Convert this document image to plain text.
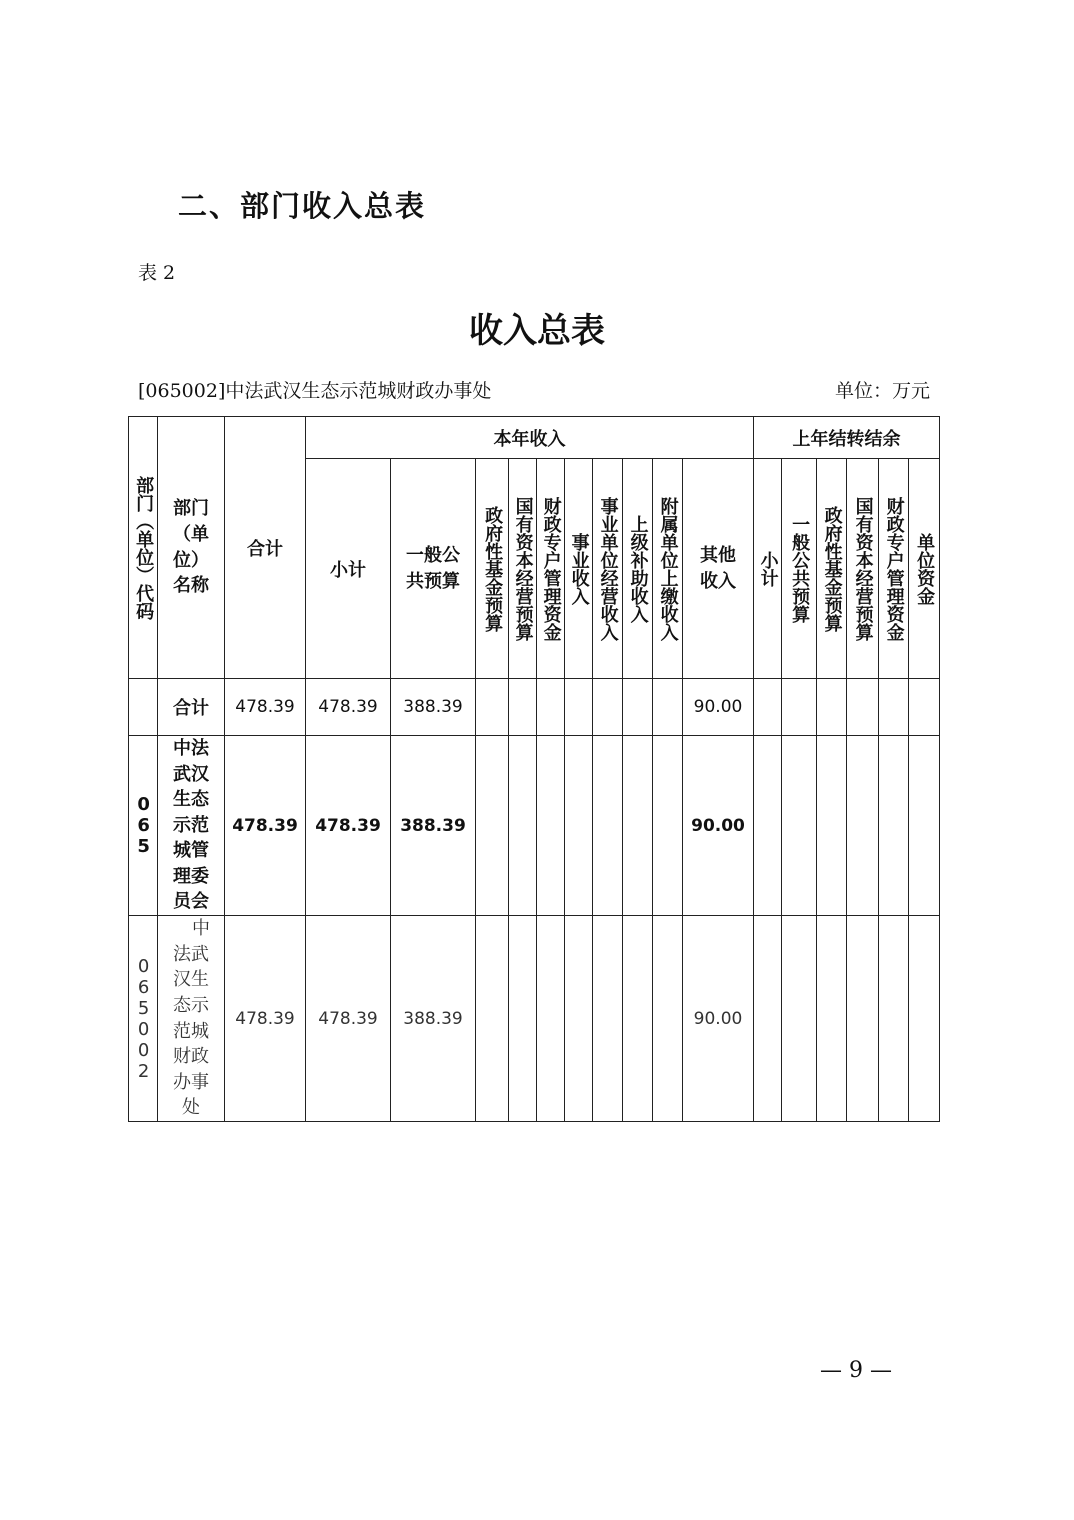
二、部门收入总表
表 2
收入总表
[065002]中法武汉生态示范城财政办事处	单位：万元
部门（单位）代码	部门（单位）名称	合计	本年收入										上年结转结余					
			小计	一般公共预算	政府性基金预算	国有资本经营预算	财政专户管理资金	事业收入	事业单位经营收入	上级补助收入	附属单位上缴收入	其他收入	小计	一般公共预算	政府性基金预算	国有资本经营预算	财政专户管理资金	单位资金

	合计	478.39	478.39	388.39								90.00						

065	中法武汉生态示范城管理委员会	478.39	478.39	388.39								90.00						

065002	中法武汉生态示范城财政办事处	478.39	478.39	388.39								90.00						
— 9 —
